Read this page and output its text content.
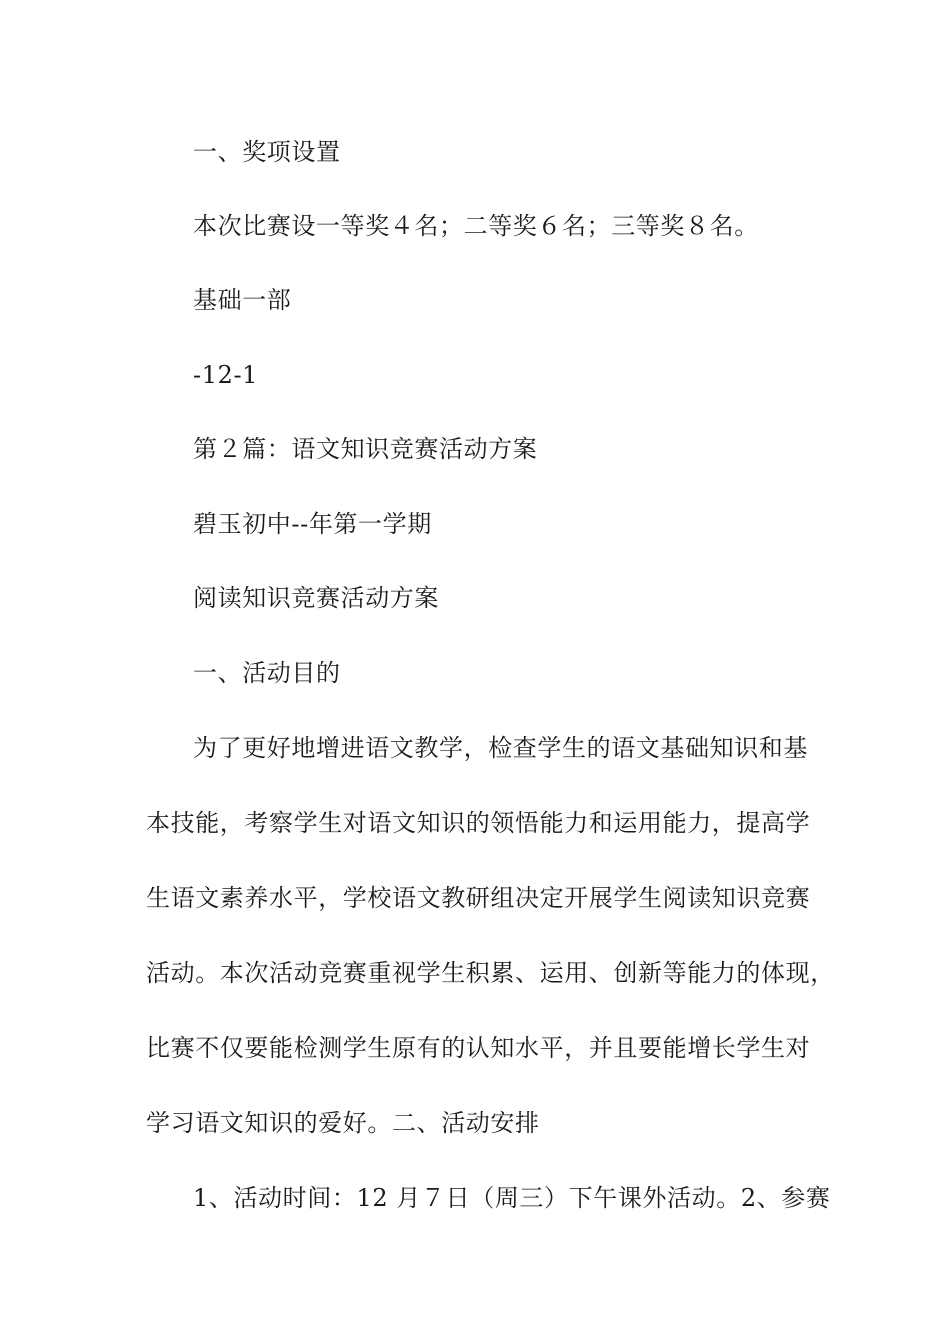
一、奖项设置
本次比赛设一等奖４名；二等奖６名；三等奖８名。
基础一部
-12-1
第２篇：语文知识竞赛活动方案
碧玉初中--年第一学期
阅读知识竞赛活动方案
一、活动目的
为了更好地增进语文教学，检查学生的语文基础知识和基
本技能，考察学生对语文知识的领悟能力和运用能力，提高学
生语文素养水平，学校语文教研组决定开展学生阅读知识竞赛
活动。本次活动竞赛重视学生积累、运用、创新等能力的体现，
比赛不仅要能检测学生原有的认知水平，并且要能增长学生对
学习语文知识的爱好。二、活动安排
1、活动时间：12 月７日（周三）下午课外活动。2、参赛
